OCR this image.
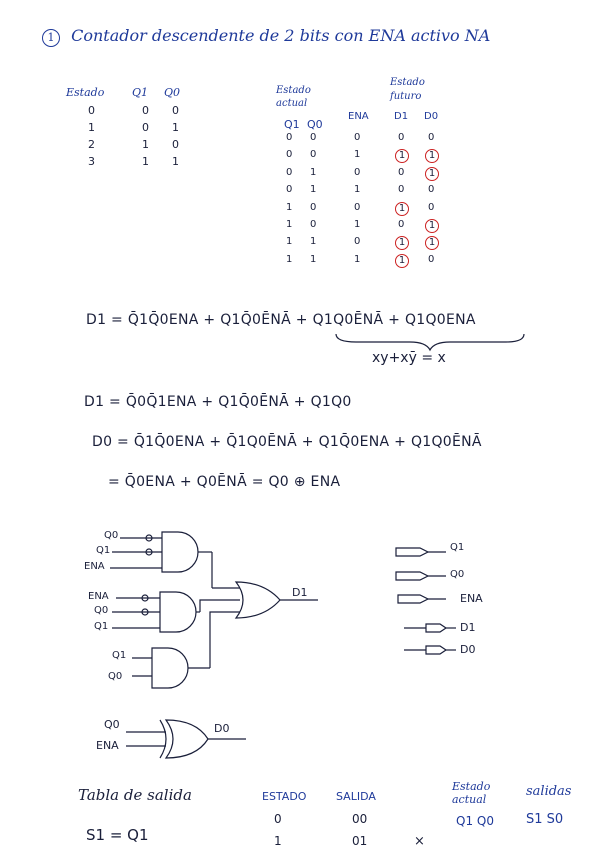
1 Contador descendente de 2 bits con ENA activo NA
Estado	Q1 Q0
0	0 0
1	0 1
2	1 0
3	1 1
Estado actual
Estado futuro
Q1 Q0
ENA	D1 D0
0 0	0	0 0
0 0	1	1	1
0 1	0	0	1
0 1	1	0 0
1 0	0	1	0
1 0	1	0	1
1 1	0	1	1
1 1	1	1	0
D1 = Q̄1Q̄0ENA + Q1Q̄0ĒNĀ + Q1Q0ĒNĀ + Q1Q0ENA
xy+xȳ = x
D1 = Q̄0Q̄1ENA + Q1Q̄0ĒNĀ + Q1Q0
D0 = Q̄1Q̄0ENA + Q̄1Q0ĒNĀ + Q1Q̄0ENA + Q1Q0ĒNĀ
= Q̄0ENA + Q0ĒNĀ = Q0 ⊕ ENA
Q0
Q1
ENA
ENA
Q0
Q1
Q1
Q0
D1
Q0
ENA
D0
Q1
Q0
ENA
D1
D0
Tabla de salida	ESTADO	SALIDA
0	00
1	01	×
Estado actual
salidas
Q1 Q0 S1 S0
S1 = Q1
